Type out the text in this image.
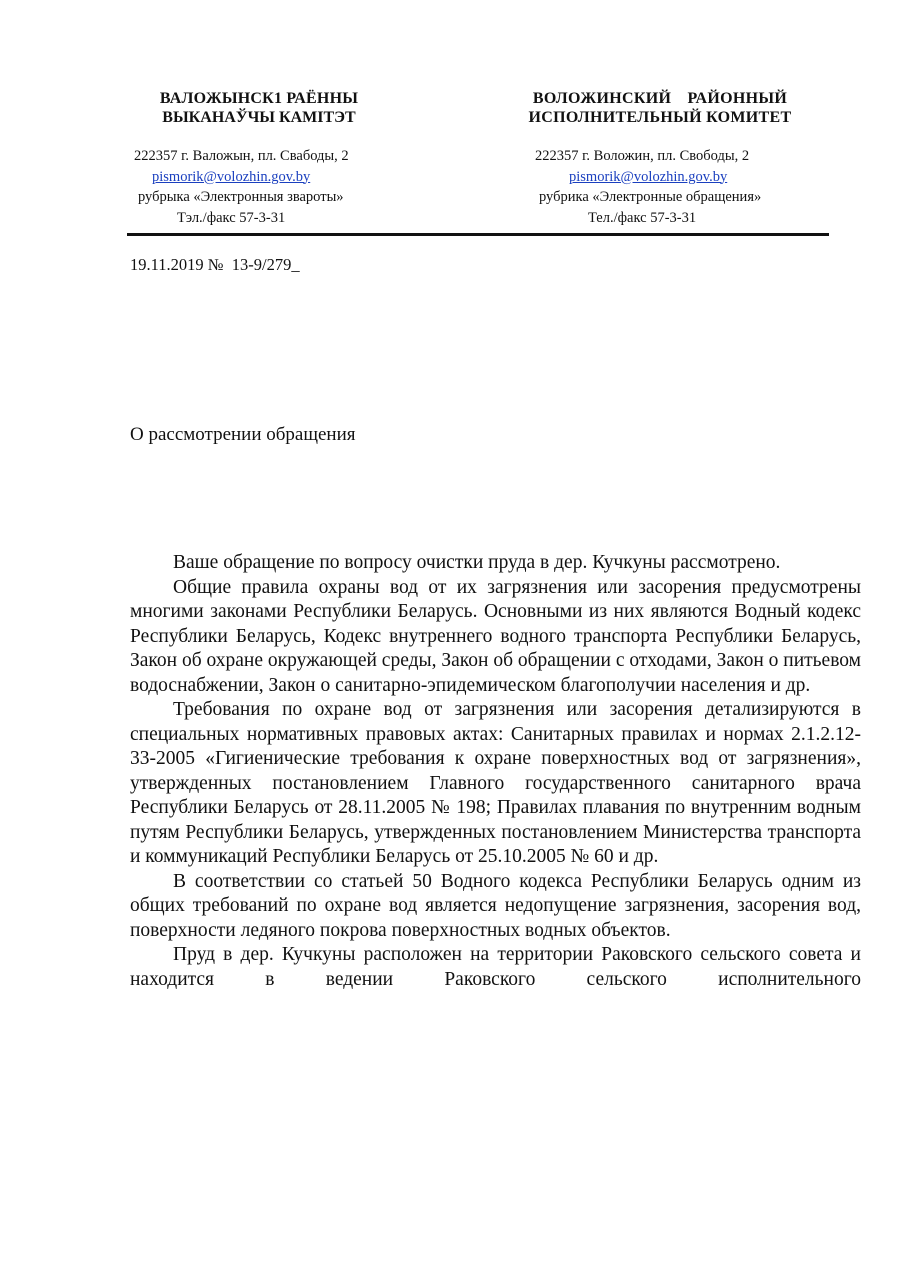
ВАЛОЖЫНСК1 РАЁННЫ
ВЫКАНАЎЧЫ КАМІТЭТ
ВОЛОЖИНСКИЙ РАЙОННЫЙ
ИСПОЛНИТЕЛЬНЫЙ КОМИТЕТ
222357 г. Валожын, пл. Свабоды, 2
pismorik@volozhin.gov.by
рубрыка «Электронныя звароты»
Тэл./факс 57-3-31
222357 г. Воложин, пл. Свободы, 2
pismorik@volozhin.gov.by
рубрика «Электронные обращения»
Тел./факс 57-3-31
19.11.2019 №  13-9/279_
О рассмотрении обращения

Ваше обращение по вопросу очистки пруда в дер. Кучкуны рассмотрено.

Общие правила охраны вод от их загрязнения или засорения предусмотрены многими законами Республики Беларусь. Основными из них являются Водный кодекс Республики Беларусь, Кодекс внутреннего водного транспорта Республики Беларусь, Закон об охране окружающей среды, Закон об обращении с отходами, Закон о питьевом водоснабжении, Закон о санитарно-эпидемическом благополучии населения и др.

Требования по охране вод от загрязнения или засорения детализируются в специальных нормативных правовых актах: Санитарных правилах и нормах 2.1.2.12-33-2005 «Гигиенические требования к охране поверхностных вод от загрязнения», утвержденных постановлением Главного государственного санитарного врача Республики Беларусь от 28.11.2005 № 198; Правилах плавания по внутренним водным путям Республики Беларусь, утвержденных постановлением Министерства транспорта и коммуникаций Республики Беларусь от 25.10.2005 № 60 и др.

В соответствии со статьей 50 Водного кодекса Республики Беларусь одним из общих требований по охране вод является недопущение загрязнения, засорения вод, поверхности ледяного покрова поверхностных водных объектов.

Пруд в дер. Кучкуны расположен на территории Раковского сельского совета и находится в ведении Раковского сельского исполнительного
